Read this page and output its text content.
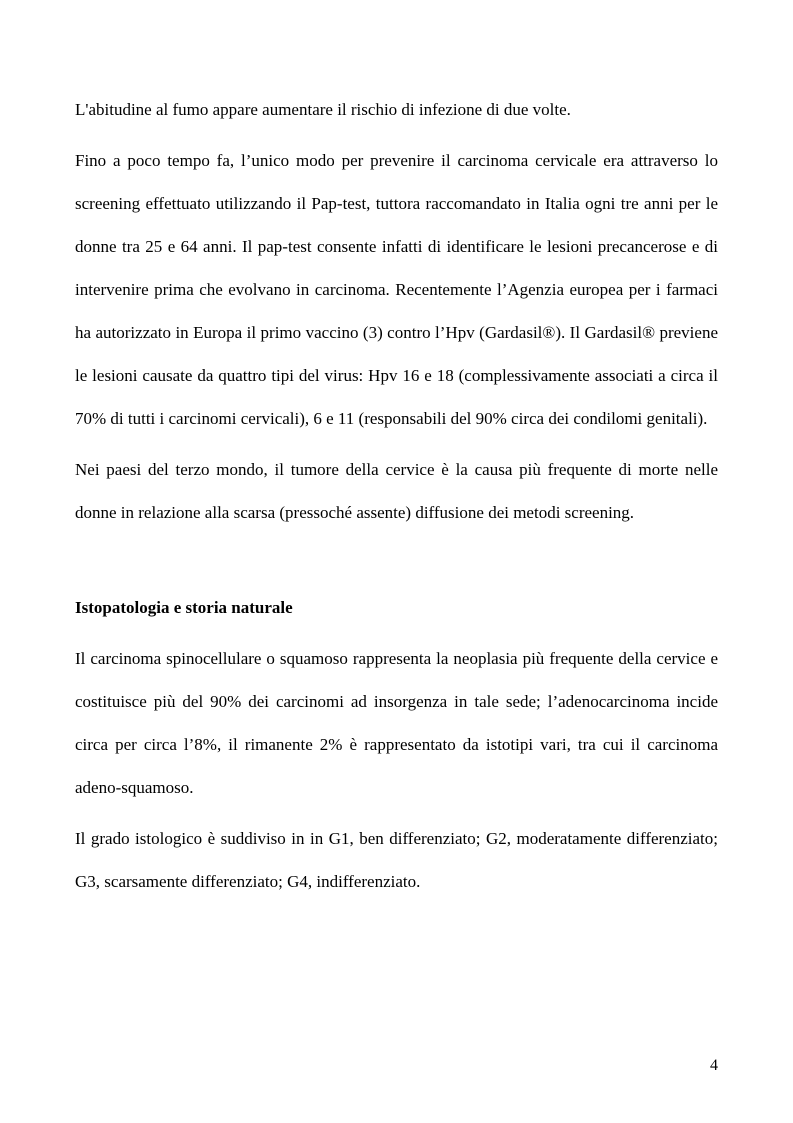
L'abitudine al fumo appare aumentare il rischio di infezione di due volte.

Fino a poco tempo fa, l’unico modo per prevenire il carcinoma cervicale era attraverso lo screening effettuato utilizzando il Pap-test, tuttora raccomandato in Italia ogni tre anni per le donne tra 25 e 64 anni. Il pap-test consente infatti di identificare le lesioni precancerose e di intervenire prima che evolvano in carcinoma. Recentemente l’Agenzia europea per i farmaci ha autorizzato in Europa il primo vaccino (3) contro l’Hpv (Gardasil®). Il Gardasil® previene le lesioni causate da quattro tipi del virus: Hpv 16 e 18 (complessivamente associati a circa il 70% di tutti i carcinomi cervicali), 6 e 11 (responsabili del 90% circa dei condilomi genitali).

Nei paesi del terzo mondo, il tumore della cervice è la causa più frequente di morte nelle donne in relazione alla scarsa (pressoché assente) diffusione dei metodi screening.

Istopatologia e storia naturale

Il carcinoma spinocellulare o squamoso rappresenta la neoplasia più frequente della cervice e costituisce più del 90% dei carcinomi ad insorgenza in tale sede; l’adenocarcinoma incide circa per circa l’8%, il rimanente 2% è rappresentato da istotipi vari, tra cui il carcinoma adeno-squamoso.

Il grado istologico è suddiviso in in G1, ben differenziato; G2, moderatamente differenziato; G3, scarsamente differenziato; G4, indifferenziato.

4
